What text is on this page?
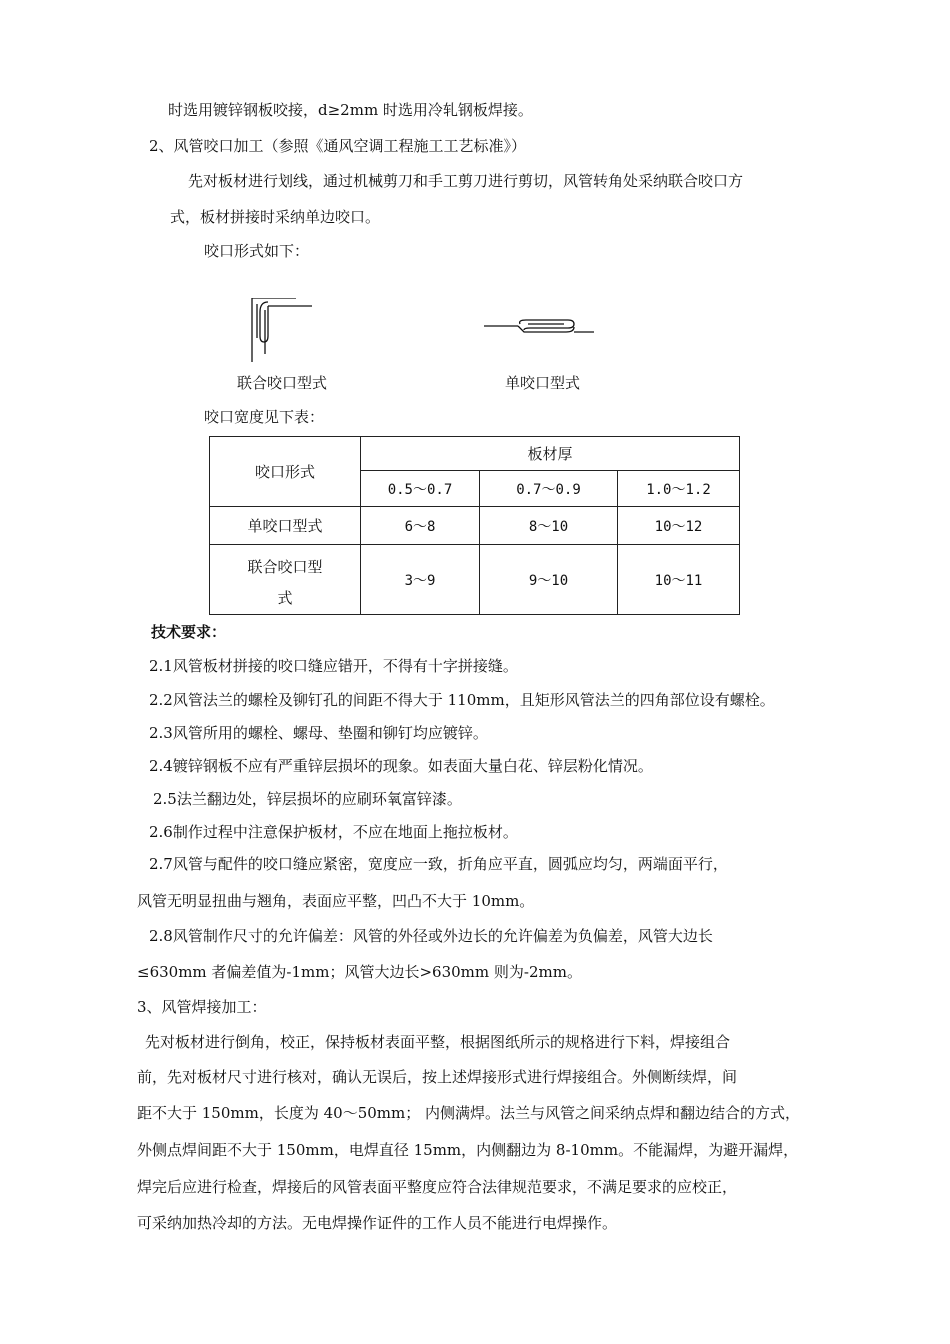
时选用镀锌钢板咬接，d≥2mm 时选用冷轧钢板焊接。
2、风管咬口加工（参照《通风空调工程施工工艺标准》）
先对板材进行划线，通过机械剪刀和手工剪刀进行剪切，风管转角处采纳联合咬口方
式，板材拼接时采纳单边咬口。
咬口形式如下：
联合咬口型式	单咬口型式
咬口宽度见下表：
咬口形式	板材厚		
	0.5～0.7	0.7～0.9	1.0～1.2
单咬口型式	6～8	8～10	10～12

联合咬口型
式	3～9	9～10	10～11
技术要求：
2.1风管板材拼接的咬口缝应错开，不得有十字拼接缝。
2.2风管法兰的螺栓及铆钉孔的间距不得大于 110mm，且矩形风管法兰的四角部位设有螺栓。
2.3风管所用的螺栓、螺母、垫圈和铆钉均应镀锌。
2.4镀锌钢板不应有严重锌层损坏的现象。如表面大量白花、锌层粉化情况。
2.5法兰翻边处，锌层损坏的应刷环氧富锌漆。
2.6制作过程中注意保护板材，不应在地面上拖拉板材。
2.7风管与配件的咬口缝应紧密，宽度应一致，折角应平直，圆弧应均匀，两端面平行，
风管无明显扭曲与翘角，表面应平整，凹凸不大于 10mm。
2.8风管制作尺寸的允许偏差：风管的外径或外边长的允许偏差为负偏差，风管大边长
≤630mm 者偏差值为-1mm；风管大边长>630mm 则为-2mm。
3、风管焊接加工：
先对板材进行倒角，校正，保持板材表面平整，根据图纸所示的规格进行下料，焊接组合
前，先对板材尺寸进行核对，确认无误后，按上述焊接形式进行焊接组合。外侧断续焊，间
距不大于 150mm，长度为 40～50mm； 内侧满焊。法兰与风管之间采纳点焊和翻边结合的方式，
外侧点焊间距不大于 150mm，电焊直径 15mm，内侧翻边为 8-10mm。不能漏焊，为避开漏焊，
焊完后应进行检查，焊接后的风管表面平整度应符合法律规范要求，不满足要求的应校正，
可采纳加热冷却的方法。无电焊操作证件的工作人员不能进行电焊操作。
